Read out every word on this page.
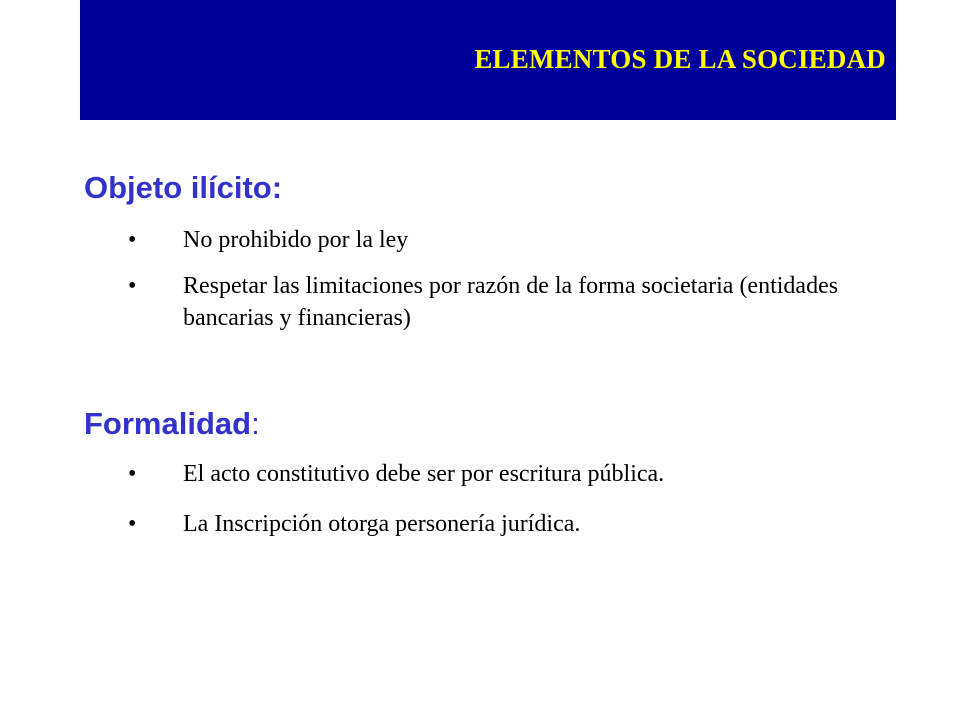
ELEMENTOS DE LA SOCIEDAD
Objeto ilícito:
• No prohibido por la ley
• Respetar las limitaciones por razón de la forma societaria (entidades bancarias y financieras)
Formalidad:
• El acto constitutivo debe ser por escritura pública.
• La Inscripción otorga personería jurídica.
